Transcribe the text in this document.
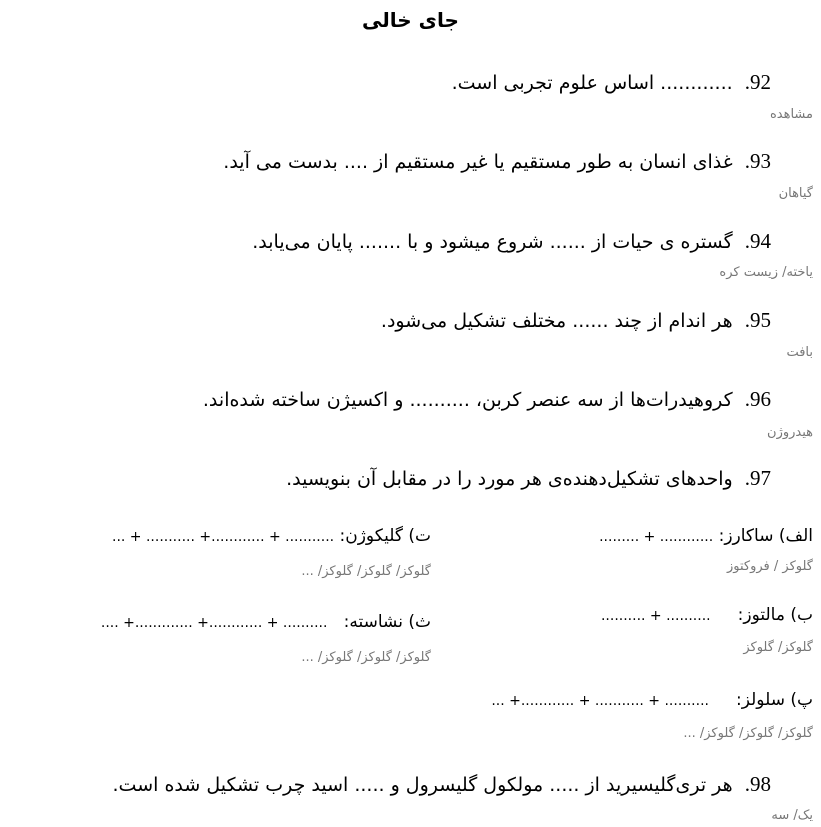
جای خالی
92.  ............ اساس علوم تجربی است.
مشاهده
93.  غذای انسان به طور مستقیم یا غیر مستقیم از .... بدست می آید.
گیاهان
94.  گستره ی حیات از ...... شروع میشود و با ....... پایان می‌یابد.
یاخته/ زیست کره
95.  هر اندام از چند ...... مختلف تشکیل می‌شود.
بافت
96.  کروهیدرات‌ها از سه عنصر کربن، .......... و اکسیژن ساخته شده‌اند.
هیدروژن
97.  واحدهای تشکیل‌دهنده‌ی هر مورد را در مقابل آن بنویسید.
الف) ساکارز: ............ + .........
گلوکز / فروکتوز
ب) مالتوز:     .......... + ..........
گلوکز/ گلوکز
پ) سلولز:     .......... + ........... + ............+ ...
گلوکز/ گلوکز/ گلوکز/ ...
ت) گلیکوژن: ........... + ............+ ........... + ...
گلوکز/ گلوکز/ گلوکز/ ...
ث) نشاسته:   .......... + ............+ .............+ ....
گلوکز/ گلوکز/ گلوکز/ ...
98.  هر تری‌گلیسیرید از ..... مولکول گلیسرول و ..... اسید چرب تشکیل شده است.
یک/ سه
